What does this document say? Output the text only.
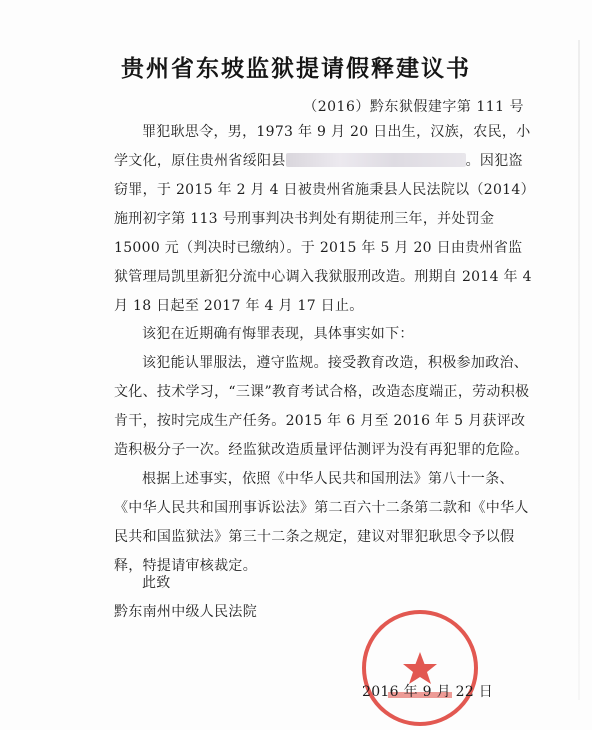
贵州省东坡监狱提请假释建议书
（2016）黔东狱假建字第 111 号
罪犯耿思令，男，1973 年 9 月 20 日出生，汉族，农民，小学文化，原住贵州省绥阳县	。因犯盗窃罪，于 2015 年 2 月 4 日被贵州省施秉县人民法院以（2014）施刑初字第 113 号刑事判决书判处有期徒刑三年，并处罚金 15000 元（判决时已缴纳）。于 2015 年 5 月 20 日由贵州省监狱管理局凯里新犯分流中心调入我狱服刑改造。刑期自 2014 年 4 月 18 日起至 2017 年 4 月 17 日止。
该犯在近期确有悔罪表现，具体事实如下：
该犯能认罪服法，遵守监规。接受教育改造，积极参加政治、文化、技术学习，“三课”教育考试合格，改造态度端正，劳动积极肯干，按时完成生产任务。2015 年 6 月至 2016 年 5 月获评改造积极分子一次。经监狱改造质量评估测评为没有再犯罪的危险。
根据上述事实，依照《中华人民共和国刑法》第八十一条、《中华人民共和国刑事诉讼法》第二百六十二条第二款和《中华人民共和国监狱法》第三十二条之规定，建议对罪犯耿思令予以假释，特提请审核裁定。
此致
黔东南州中级人民法院
2016 年 9 月 22 日
